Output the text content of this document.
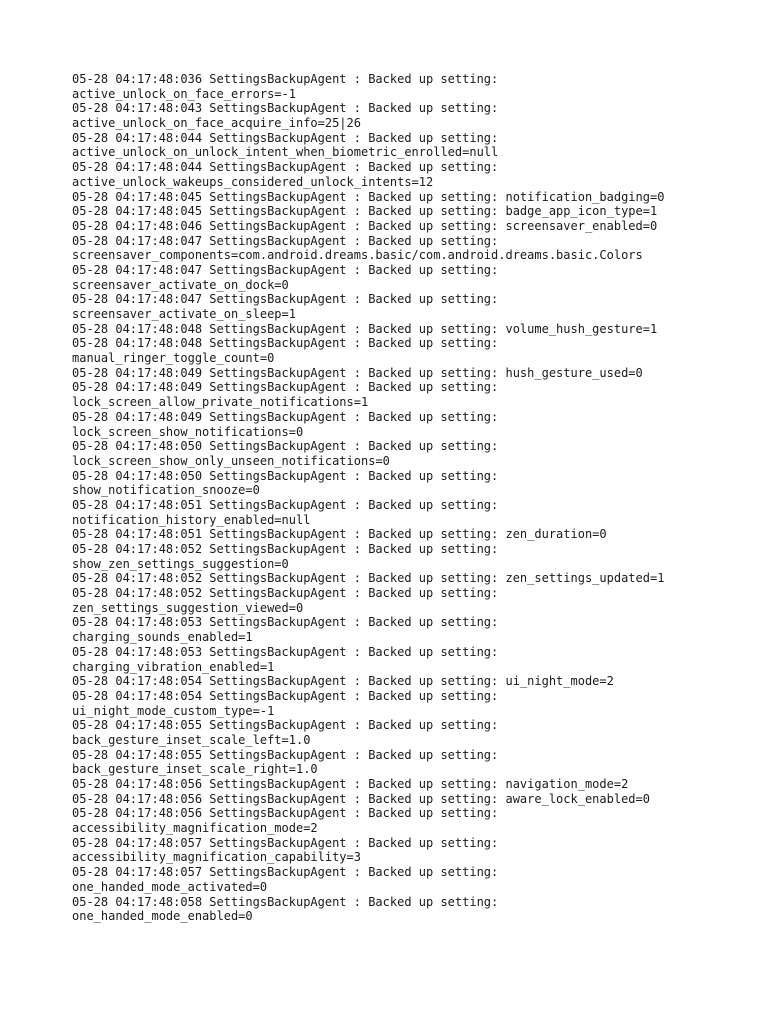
05-28 04:17:48:036 SettingsBackupAgent : Backed up setting:
active_unlock_on_face_errors=-1
05-28 04:17:48:043 SettingsBackupAgent : Backed up setting:
active_unlock_on_face_acquire_info=25|26
05-28 04:17:48:044 SettingsBackupAgent : Backed up setting:
active_unlock_on_unlock_intent_when_biometric_enrolled=null
05-28 04:17:48:044 SettingsBackupAgent : Backed up setting:
active_unlock_wakeups_considered_unlock_intents=12
05-28 04:17:48:045 SettingsBackupAgent : Backed up setting: notification_badging=0
05-28 04:17:48:045 SettingsBackupAgent : Backed up setting: badge_app_icon_type=1
05-28 04:17:48:046 SettingsBackupAgent : Backed up setting: screensaver_enabled=0
05-28 04:17:48:047 SettingsBackupAgent : Backed up setting:
screensaver_components=com.android.dreams.basic/com.android.dreams.basic.Colors
05-28 04:17:48:047 SettingsBackupAgent : Backed up setting:
screensaver_activate_on_dock=0
05-28 04:17:48:047 SettingsBackupAgent : Backed up setting:
screensaver_activate_on_sleep=1
05-28 04:17:48:048 SettingsBackupAgent : Backed up setting: volume_hush_gesture=1
05-28 04:17:48:048 SettingsBackupAgent : Backed up setting:
manual_ringer_toggle_count=0
05-28 04:17:48:049 SettingsBackupAgent : Backed up setting: hush_gesture_used=0
05-28 04:17:48:049 SettingsBackupAgent : Backed up setting:
lock_screen_allow_private_notifications=1
05-28 04:17:48:049 SettingsBackupAgent : Backed up setting:
lock_screen_show_notifications=0
05-28 04:17:48:050 SettingsBackupAgent : Backed up setting:
lock_screen_show_only_unseen_notifications=0
05-28 04:17:48:050 SettingsBackupAgent : Backed up setting:
show_notification_snooze=0
05-28 04:17:48:051 SettingsBackupAgent : Backed up setting:
notification_history_enabled=null
05-28 04:17:48:051 SettingsBackupAgent : Backed up setting: zen_duration=0
05-28 04:17:48:052 SettingsBackupAgent : Backed up setting:
show_zen_settings_suggestion=0
05-28 04:17:48:052 SettingsBackupAgent : Backed up setting: zen_settings_updated=1
05-28 04:17:48:052 SettingsBackupAgent : Backed up setting:
zen_settings_suggestion_viewed=0
05-28 04:17:48:053 SettingsBackupAgent : Backed up setting:
charging_sounds_enabled=1
05-28 04:17:48:053 SettingsBackupAgent : Backed up setting:
charging_vibration_enabled=1
05-28 04:17:48:054 SettingsBackupAgent : Backed up setting: ui_night_mode=2
05-28 04:17:48:054 SettingsBackupAgent : Backed up setting:
ui_night_mode_custom_type=-1
05-28 04:17:48:055 SettingsBackupAgent : Backed up setting:
back_gesture_inset_scale_left=1.0
05-28 04:17:48:055 SettingsBackupAgent : Backed up setting:
back_gesture_inset_scale_right=1.0
05-28 04:17:48:056 SettingsBackupAgent : Backed up setting: navigation_mode=2
05-28 04:17:48:056 SettingsBackupAgent : Backed up setting: aware_lock_enabled=0
05-28 04:17:48:056 SettingsBackupAgent : Backed up setting:
accessibility_magnification_mode=2
05-28 04:17:48:057 SettingsBackupAgent : Backed up setting:
accessibility_magnification_capability=3
05-28 04:17:48:057 SettingsBackupAgent : Backed up setting:
one_handed_mode_activated=0
05-28 04:17:48:058 SettingsBackupAgent : Backed up setting:
one_handed_mode_enabled=0
